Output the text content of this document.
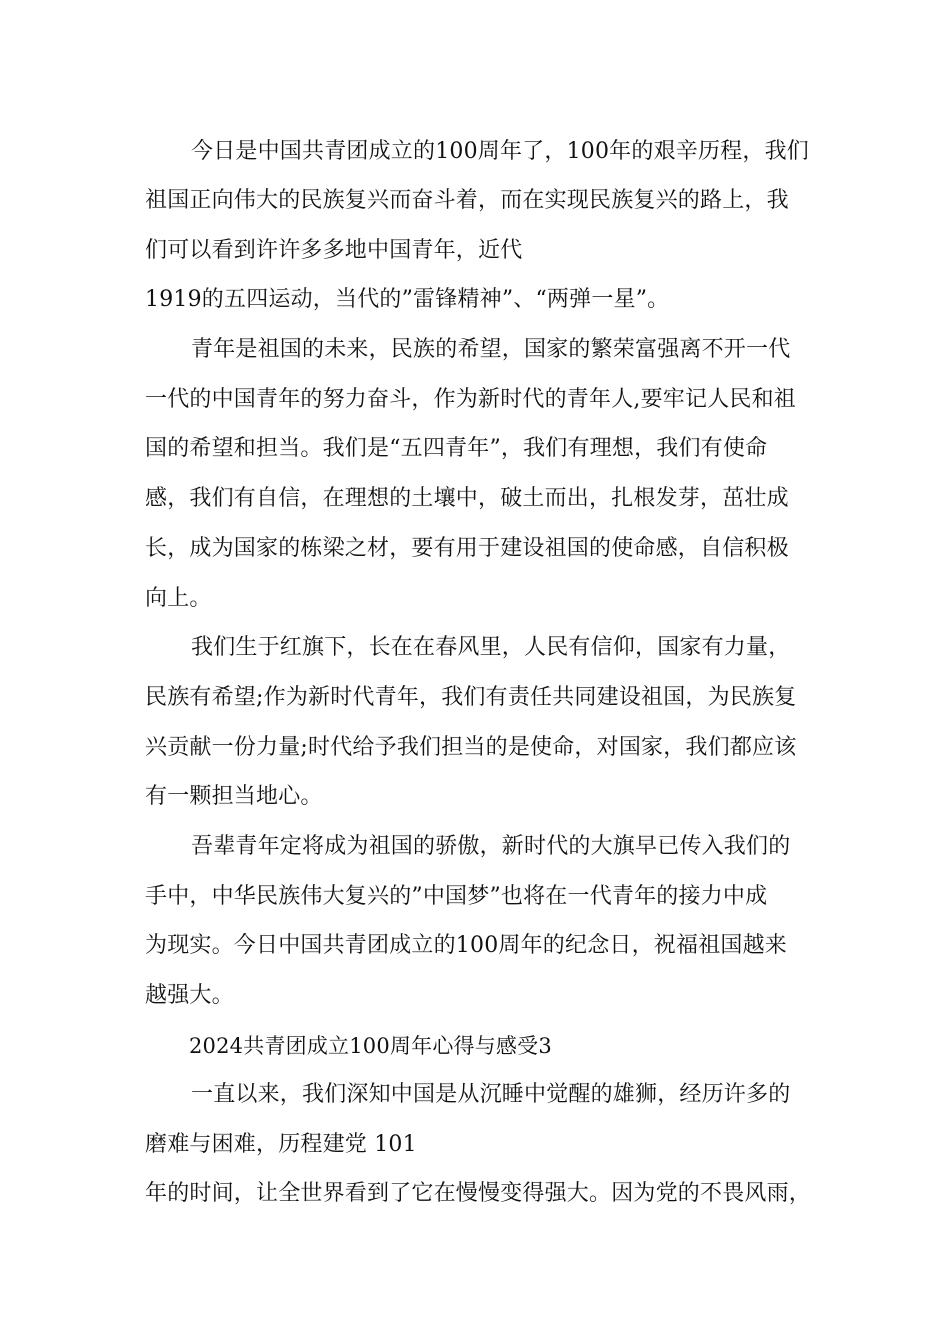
今日是中国共青团成立的100周年了，100年的艰辛历程，我们
祖国正向伟大的民族复兴而奋斗着，而在实现民族复兴的路上，我
们可以看到许许多多地中国青年，近代
1919的五四运动，当代的”雷锋精神”、“两弹一星”。
青年是祖国的未来，民族的希望，国家的繁荣富强离不开一代
一代的中国青年的努力奋斗，作为新时代的青年人,要牢记人民和祖
国的希望和担当。我们是“五四青年”，我们有理想，我们有使命
感，我们有自信，在理想的土壤中，破土而出，扎根发芽，茁壮成
长，成为国家的栋梁之材，要有用于建设祖国的使命感，自信积极
向上。
我们生于红旗下，长在在春风里，人民有信仰，国家有力量，
民族有希望;作为新时代青年，我们有责任共同建设祖国，为民族复
兴贡献一份力量;时代给予我们担当的是使命，对国家，我们都应该
有一颗担当地心。
吾辈青年定将成为祖国的骄傲，新时代的大旗早已传入我们的
手中，中华民族伟大复兴的”中国梦”也将在一代青年的接力中成
为现实。今日中国共青团成立的100周年的纪念日，祝福祖国越来
越强大。
2024共青团成立100周年心得与感受3
一直以来，我们深知中国是从沉睡中觉醒的雄狮，经历许多的
磨难与困难，历程建党 101
年的时间，让全世界看到了它在慢慢变得强大。因为党的不畏风雨，
